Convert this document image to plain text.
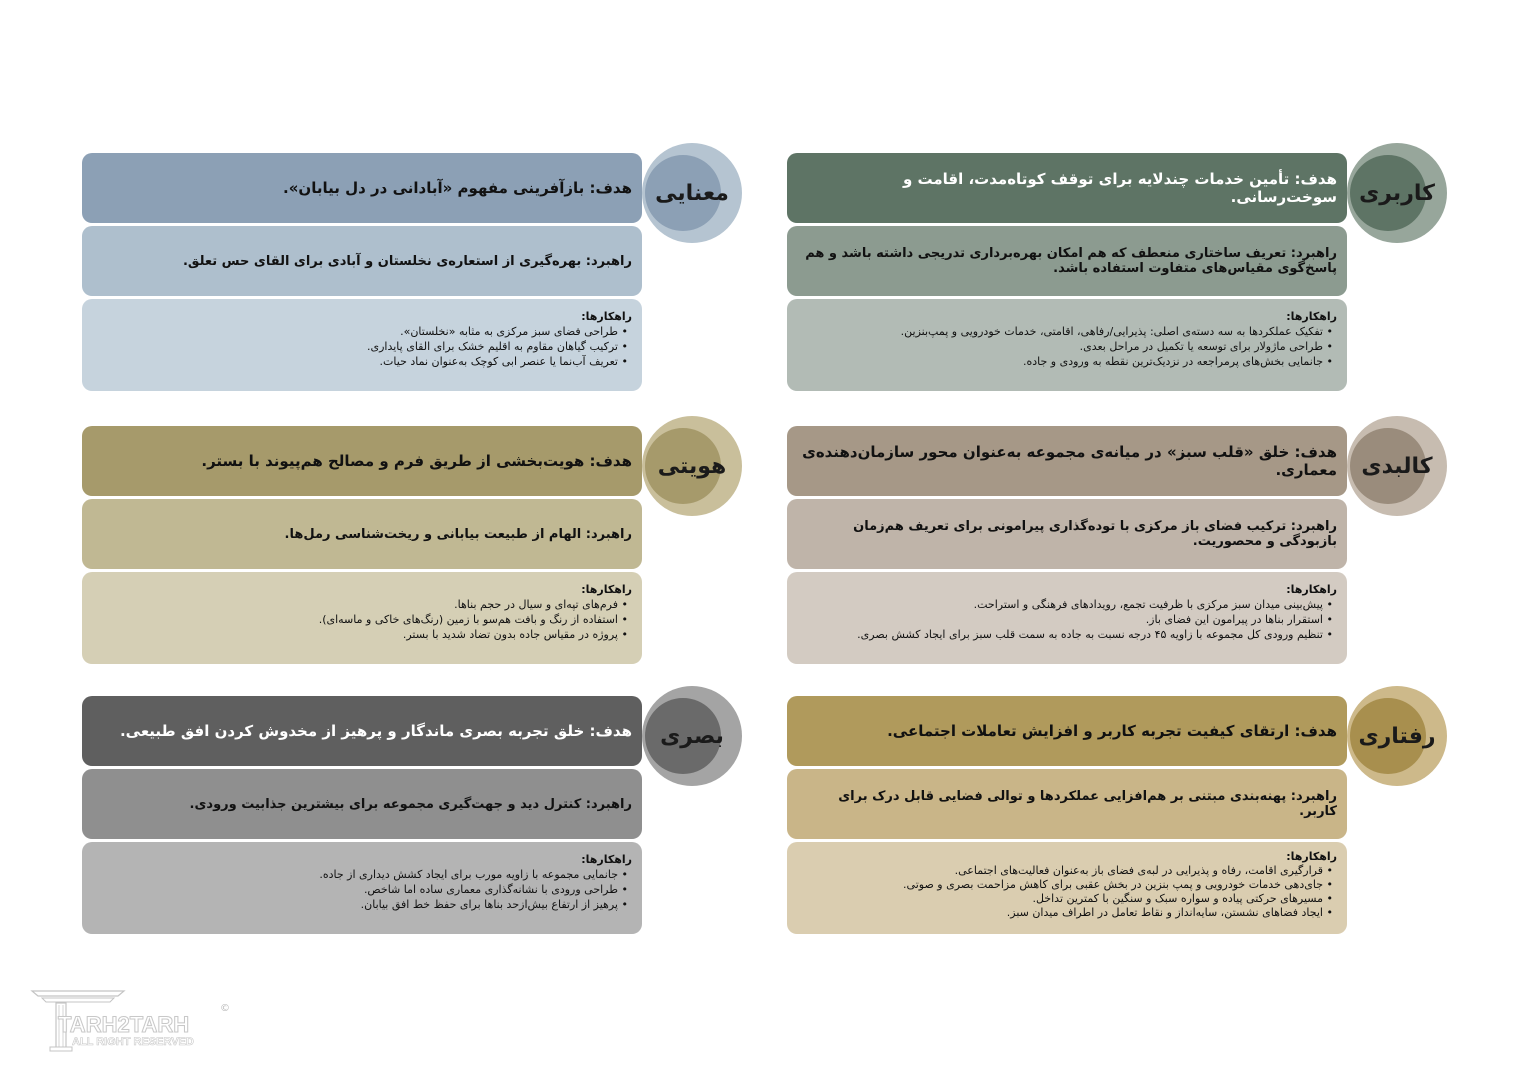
کاربری
هدف: تأمین خدمات چندلایه برای توقف کوتاه‌مدت، اقامت و سوخت‌رسانی.
راهبرد: تعریف ساختاری منعطف که هم امکان بهره‌برداری تدریجی داشته باشد و هم پاسخ‌گوی مقیاس‌های متفاوت استفاده باشد.
راهکارها:
• تفکیک عملکردها به سه دسته‌ی اصلی: پذیرایی/رفاهی، اقامتی، خدمات خودرویی و پمپ‌بنزین.
• طراحی ماژولار برای توسعه یا تکمیل در مراحل بعدی.
• جانمایی بخش‌های پرمراجعه در نزدیک‌ترین نقطه به ورودی و جاده.
معنایی
هدف: بازآفرینی مفهوم «آبادانی در دل بیابان».
راهبرد: بهره‌گیری از استعاره‌ی نخلستان و آبادی برای القای حس تعلق.
راهکارها:
• طراحی فضای سبز مرکزی به مثابه «نخلستان».
• ترکیب گیاهان مقاوم به اقلیم خشک برای القای پایداری.
• تعریف آب‌نما یا عنصر ابی کوچک به‌عنوان نماد حیات.
کالبدی
هدف: خلق «قلب سبز» در میانه‌ی مجموعه به‌عنوان محور سازمان‌دهنده‌ی معماری.
راهبرد: ترکیب فضای باز مرکزی با توده‌گذاری پیرامونی برای تعریف هم‌زمان بازبودگی و محصوریت.
راهکارها:
• پیش‌بینی میدان سبز مرکزی با ظرفیت تجمع، رویدادهای فرهنگی و استراحت.
• استقرار بناها در پیرامون این فضای باز.
• تنظیم ورودی کل مجموعه با زاویه ۴۵ درجه نسبت به جاده به سمت قلب سبز برای ایجاد کشش بصری.
هویتی
هدف: هویت‌بخشی از طریق فرم و مصالح هم‌پیوند با بستر.
راهبرد: الهام از طبیعت بیابانی و ریخت‌شناسی رمل‌ها.
راهکارها:
• فرم‌های تپه‌ای و سیال در حجم بناها.
• استفاده از رنگ و بافت هم‌سو با زمین (رنگ‌های خاکی و ماسه‌ای).
• پروژه در مقیاس جاده بدون تضاد شدید با بستر.
رفتاری
هدف: ارتقای کیفیت تجربه کاربر و افزایش تعاملات اجتماعی.
راهبرد: پهنه‌بندی مبتنی بر هم‌افزایی عملکردها و توالی فضایی قابل درک برای کاربر.
راهکارها:
• قرارگیری اقامت، رفاه و پذیرایی در لبه‌ی فضای باز به‌عنوان فعالیت‌های اجتماعی.
• جای‌دهی خدمات خودرویی و پمپ بنزین در بخش عقبی برای کاهش مزاحمت بصری و صوتی.
• مسیرهای حرکتی پیاده و سواره سبک و سنگین با کمترین تداخل.
• ایجاد فضاهای نشستن، سایه‌انداز و نقاط تعامل در اطراف میدان سبز.
بصری
هدف: خلق تجربه بصری ماندگار و پرهیز از مخدوش کردن افق طبیعی.
راهبرد: کنترل دید و جهت‌گیری مجموعه برای بیشترین جذابیت ورودی.
راهکارها:
• جانمایی مجموعه با زاویه مورب برای ایجاد کشش دیداری از جاده.
• طراحی ورودی با نشانه‌گذاری معماری ساده اما شاخص.
• پرهیز از ارتفاع بیش‌ازحد بناها برای حفظ خط افق بیابان.
TARH2TARH
ALL RIGHT RESERVED
©
